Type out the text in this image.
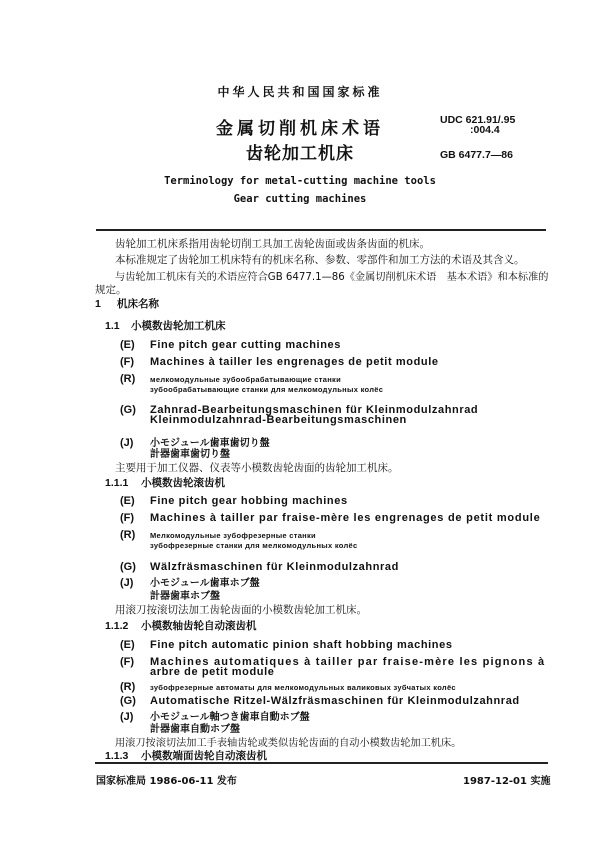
中华人民共和国国家标准
金属切削机床术语
齿轮加工机床
UDC 621.91/.95
:004.4
GB 6477.7—86
Terminology for metal-cutting machine tools
Gear cutting machines
齿轮加工机床系指用齿轮切削工具加工齿轮齿面或齿条齿面的机床。
本标准规定了齿轮加工机床特有的机床名称、参数、零部件和加工方法的术语及其含义。
与齿轮加工机床有关的术语应符合GB 6477.1—86《金属切削机床术语　基本术语》和本标准的
规定。
1 机床名称
1.1 小模数齿轮加工机床
(E) Fine pitch gear cutting machines
(F) Machines à tailler les engrenages de petit module
(R) мелкомодульные зубообрабатывающие станки
зубообрабатывающие станки для мелкомодульных колёс
(G) Zahnrad-Bearbeitungsmaschinen für Kleinmodulzahnrad
Kleinmodulzahnrad-Bearbeitungsmaschinen
(J) 小モジュール歯車歯切り盤
計器歯車歯切り盤
主要用于加工仪器、仪表等小模数齿轮齿面的齿轮加工机床。
1.1.1 小模数齿轮滚齿机
(E) Fine pitch gear hobbing machines
(F) Machines à tailler par fraise-mère les engrenages de petit module
(R) Мелкомодульные зубофрезерные станки
зубофрезерные станки для мелкомодульных колёс
(G) Wälzfräsmaschinen für Kleinmodulzahnrad
(J) 小モジュール歯車ホブ盤
計器歯車ホブ盤
用滚刀按滚切法加工齿轮齿面的小模数齿轮加工机床。
1.1.2 小模数轴齿轮自动滚齿机
(E) Fine pitch automatic pinion shaft hobbing machines
(F) Machines automatiques à tailler par fraise-mère les pignons à
arbre de petit module
(R) зубофрезерные автоматы для мелкомодульных валиковых зубчатых колёс
(G) Automatische Ritzel-Wälzfräsmaschinen für Kleinmodulzahnrad
(J) 小モジュール軸つき歯車自動ホブ盤
計器歯車自動ホブ盤
用滚刀按滚切法加工手表轴齿轮或类似齿轮齿面的自动小模数齿轮加工机床。
国家标准局 1986-06-11 发布	1987-12-01 实施
1.1.3 小模数端面齿轮自动滚齿机
